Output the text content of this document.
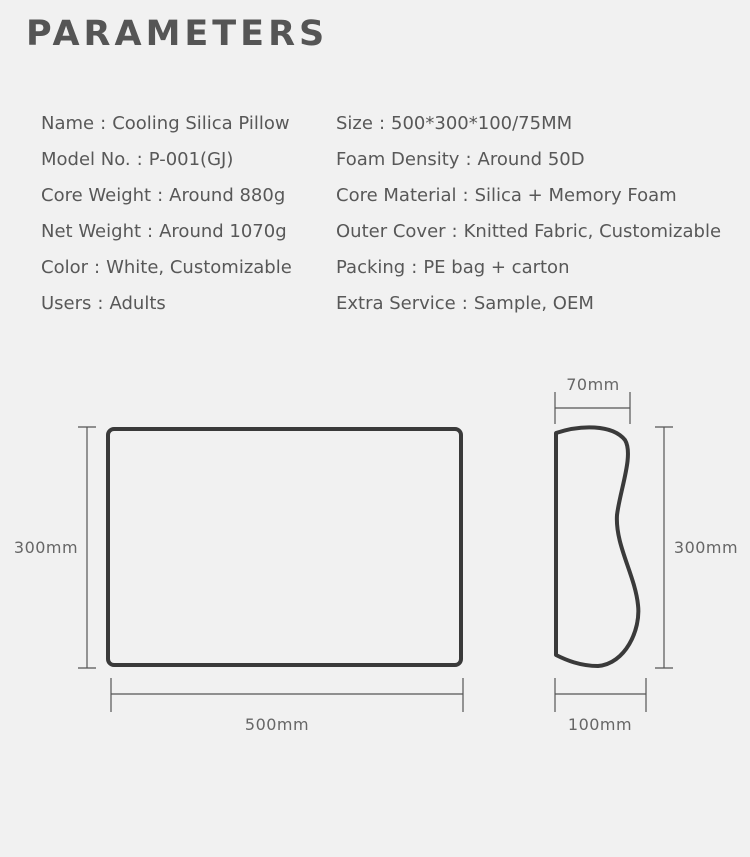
PARAMETERS
Name : Cooling Silica Pillow
Model No. : P-001(GJ)
Core Weight : Around 880g
Net Weight : Around 1070g
Color : White, Customizable
Users : Adults
Size : 500*300*100/75MM
Foam Density : Around 50D
Core Material : Silica + Memory Foam
Outer Cover : Knitted Fabric, Customizable
Packing : PE bag + carton
Extra Service : Sample, OEM
300mm
500mm
70mm
300mm
100mm
